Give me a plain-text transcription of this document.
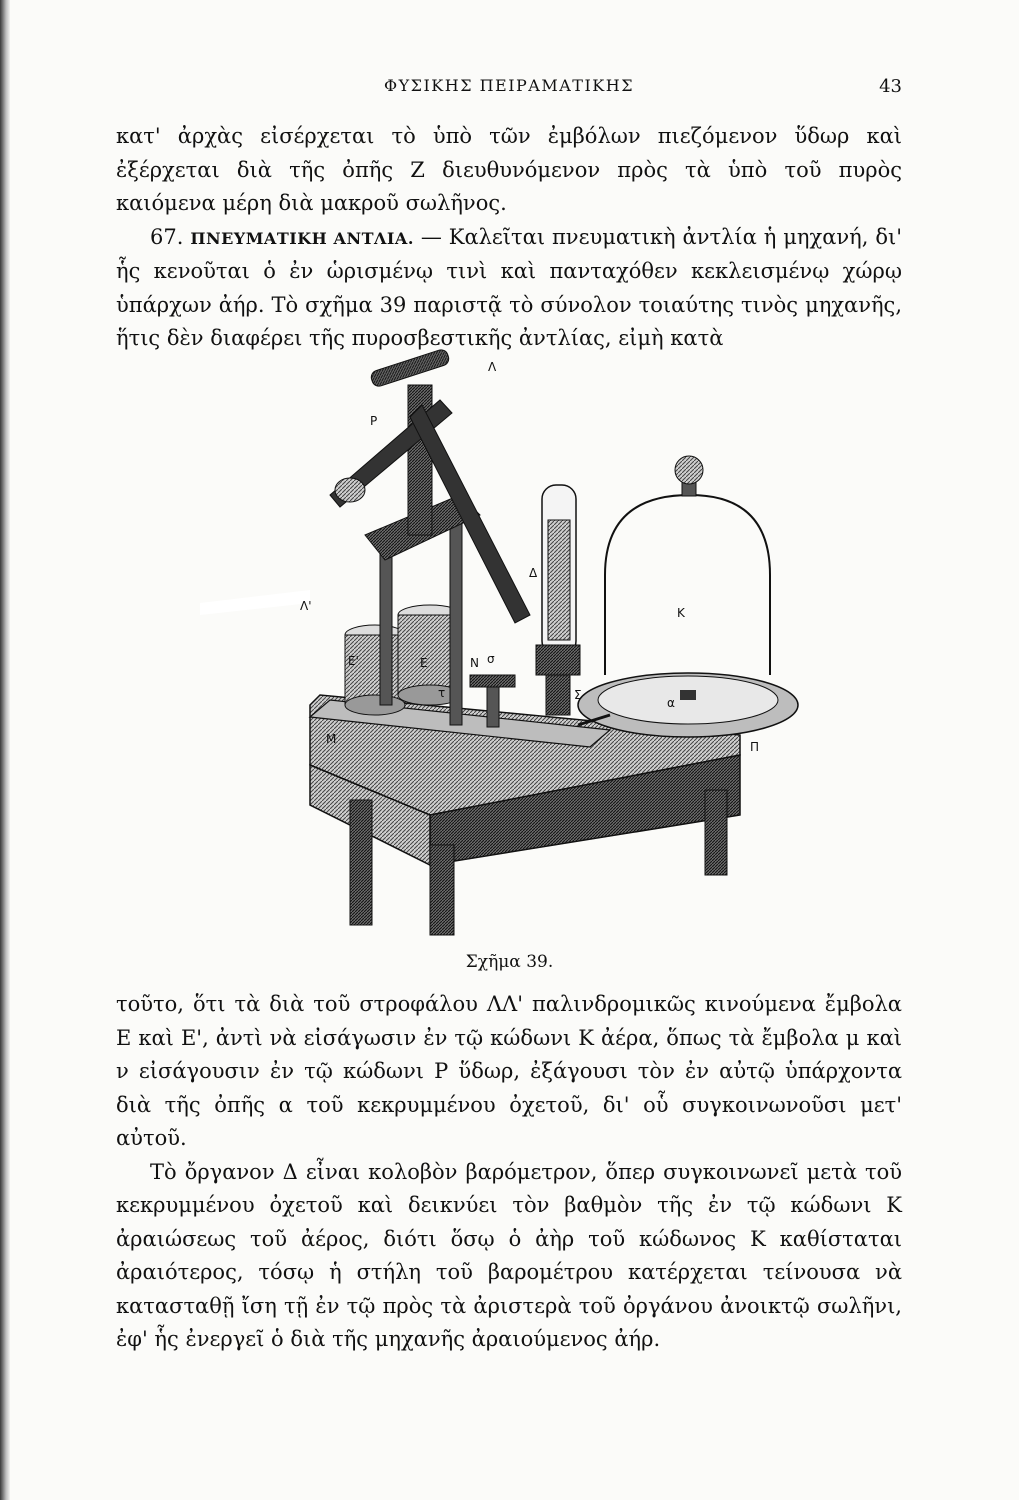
ΦΥΣΙΚΗΣ ΠΕΙΡΑΜΑΤΙΚΗΣ	43

κατ' ἀρχὰς εἰσέρχεται τὸ ὑπὸ τῶν ἐμβόλων πιεζόμενον ὕδωρ καὶ ἐξέρχεται διὰ τῆς ὀπῆς Ζ διευθυνόμενον πρὸς τὰ ὑπὸ τοῦ πυρὸς καιόμενα μέρη διὰ μακροῦ σωλῆνος.

67. ΠΝΕΥΜΑΤΙΚΗ ΑΝΤΛΙΑ. — Καλεῖται πνευματικὴ ἀντλία ἡ μηχανή, δι' ἧς κενοῦται ὁ ἐν ὡρισμένῳ τινὶ καὶ πανταχόθεν κεκλεισμένῳ χώρῳ ὑπάρχων ἀήρ. Τὸ σχῆμα 39 παριστᾷ τὸ σύνολον τοιαύτης τινὸς μηχανῆς, ἥτις δὲν διαφέρει τῆς πυροσβεστικῆς ἀντλίας, εἰμὴ κατὰ

Λ
Ρ
Λ'
Ε'	Ε
τ
Ν σ
Σ
Δ
Κ
Μ
Π
α
Σχῆμα 39.

τοῦτο, ὅτι τὰ διὰ τοῦ στροφάλου ΛΛ' παλινδρομικῶς κινούμενα ἔμβολα Ε καὶ Ε', ἀντὶ νὰ εἰσάγωσιν ἐν τῷ κώδωνι Κ ἀέρα, ὅπως τὰ ἔμβολα μ καὶ ν εἰσάγουσιν ἐν τῷ κώδωνι Ρ ὕδωρ, ἐξάγουσι τὸν ἐν αὐτῷ ὑπάρχοντα διὰ τῆς ὀπῆς α τοῦ κεκρυμμένου ὀχετοῦ, δι' οὗ συγκοινωνοῦσι μετ' αὐτοῦ.

Τὸ ὄργανον Δ εἶναι κολοβὸν βαρόμετρον, ὅπερ συγκοινωνεῖ μετὰ τοῦ κεκρυμμένου ὀχετοῦ καὶ δεικνύει τὸν βαθμὸν τῆς ἐν τῷ κώδωνι Κ ἀραιώσεως τοῦ ἀέρος, διότι ὅσῳ ὁ ἀὴρ τοῦ κώδωνος Κ καθίσταται ἀραιότερος, τόσῳ ἡ στήλη τοῦ βαρομέτρου κατέρχεται τείνουσα νὰ κατασταθῇ ἴση τῇ ἐν τῷ πρὸς τὰ ἀριστερὰ τοῦ ὀργάνου ἀνοικτῷ σωλῆνι, ἐφ' ἧς ἐνεργεῖ ὁ διὰ τῆς μηχανῆς ἀραιούμενος ἀήρ.
